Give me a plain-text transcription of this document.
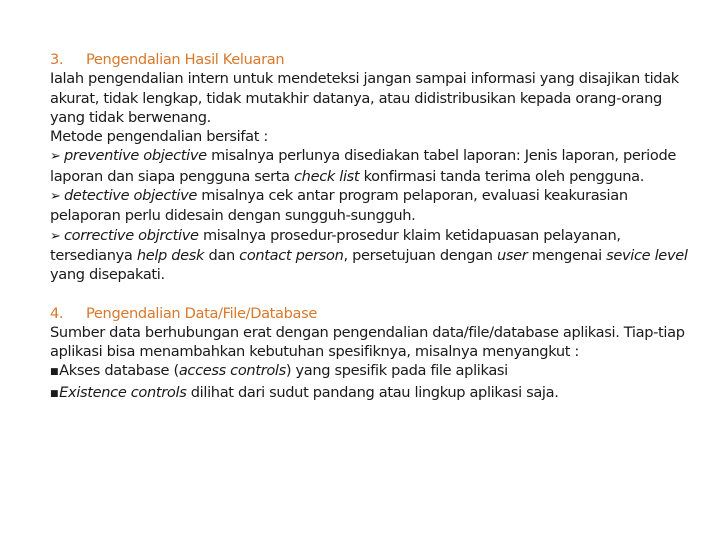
3. Pengendalian Hasil Keluaran

Ialah pengendalian intern untuk mendeteksi jangan sampai informasi yang disajikan tidak akurat, tidak lengkap, tidak mutakhir datanya, atau didistribusikan kepada orang-orang yang tidak berwenang.

Metode pengendalian bersifat :

➢ preventive objective misalnya perlunya disediakan tabel laporan: Jenis laporan, periode laporan dan siapa pengguna serta check list konfirmasi tanda terima oleh pengguna.

➢ detective objective misalnya cek antar program pelaporan, evaluasi keakurasian pelaporan perlu didesain dengan sungguh-sungguh.

➢ corrective objrctive misalnya prosedur-prosedur klaim ketidapuasan pelayanan, tersedianya help desk dan contact person, persetujuan dengan user mengenai sevice level yang disepakati.

4. Pengendalian Data/File/Database

Sumber data berhubungan erat dengan pengendalian data/file/database aplikasi. Tiap-tiap aplikasi bisa menambahkan kebutuhan spesifiknya, misalnya menyangkut :

■Akses database (access controls) yang spesifik pada file aplikasi

■Existence controls dilihat dari sudut pandang atau lingkup aplikasi saja.
